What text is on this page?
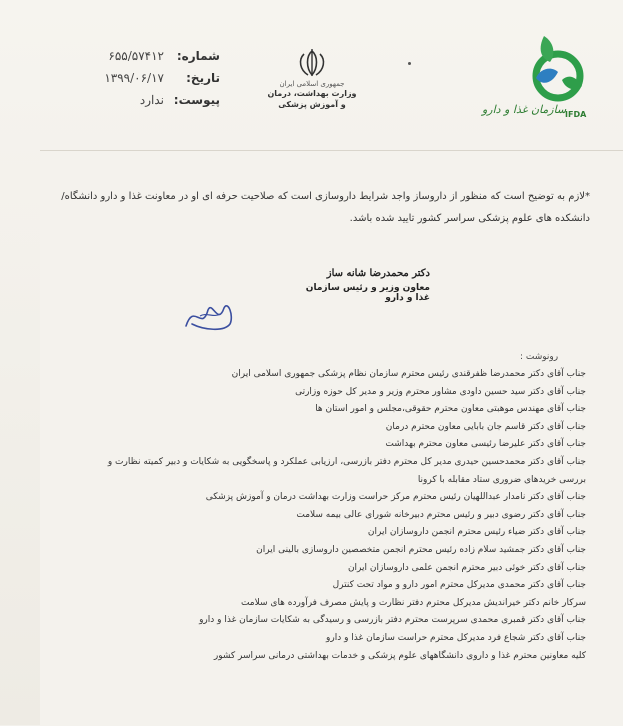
شماره:
۶۵۵/۵۷۴۱۲
تاریخ:
۱۳۹۹/۰۶/۱۷
پیوست:
ندارد
جمهوری اسلامی ایران
وزارت بهداشت، درمان
و آموزش پزشکی	سازمان غذا و دارو
IFDA
*لازم به توضیح است که منظور از داروساز واجد شرایط داروسازی است که صلاحیت حرفه ای او در معاونت غذا و دارو دانشگاه/ دانشکده های علوم پزشکی سراسر کشور تایید شده باشد.
دکتر محمدرضا شانه ساز
معاون وزیر و رئیس سازمان غذا و دارو
رونوشت :
جناب آقای دکتر محمدرضا ظفرقندی رئیس محترم سازمان نظام پزشکی جمهوری اسلامی ایران
جناب آقای دکتر سید حسین داودی مشاور محترم وزیر و مدیر کل حوزه وزارتی
جناب آقای مهندس موهبتی معاون محترم حقوقی،مجلس و امور استان ها
جناب آقای دکتر قاسم جان بابایی معاون محترم درمان
جناب آقای دکتر علیرضا رئیسی معاون محترم بهداشت
جناب آقای دکتر محمدحسین حیدری مدیر کل محترم دفتر بازرسی، ارزیابی عملکرد و پاسخگویی به شکایات و دبیر کمیته نظارت و بررسی خریدهای ضروری ستاد مقابله با کرونا
جناب آقای دکتر نامدار عبداللهیان رئیس محترم مرکز حراست وزارت بهداشت درمان و آموزش پزشکی
جناب آقای دکتر رضوی دبیر و رئیس محترم دبیرخانه شورای عالی بیمه سلامت
جناب آقای دکتر ضیاء رئیس محترم انجمن داروسازان ایران
جناب آقای دکتر جمشید سلام زاده رئیس محترم انجمن متخصصین داروسازی بالینی ایران
جناب آقای دکتر خوئی دبیر محترم انجمن علمی داروسازان ایران
جناب آقای دکتر محمدی مدیرکل محترم امور دارو و مواد تحت کنترل
سرکار خانم دکتر خیراندیش مدیرکل محترم دفتر نظارت و پایش مصرف فرآورده های سلامت
جناب آقای دکتر قمبری محمدی سرپرست محترم دفتر بازرسی و رسیدگی به شکایات سازمان غذا و دارو
جناب آقای دکتر شجاع فرد مدیرکل محترم حراست سازمان غذا و دارو
کلیه معاونین محترم غذا و داروی دانشگاههای علوم پزشکی و خدمات بهداشتی درمانی سراسر کشور
